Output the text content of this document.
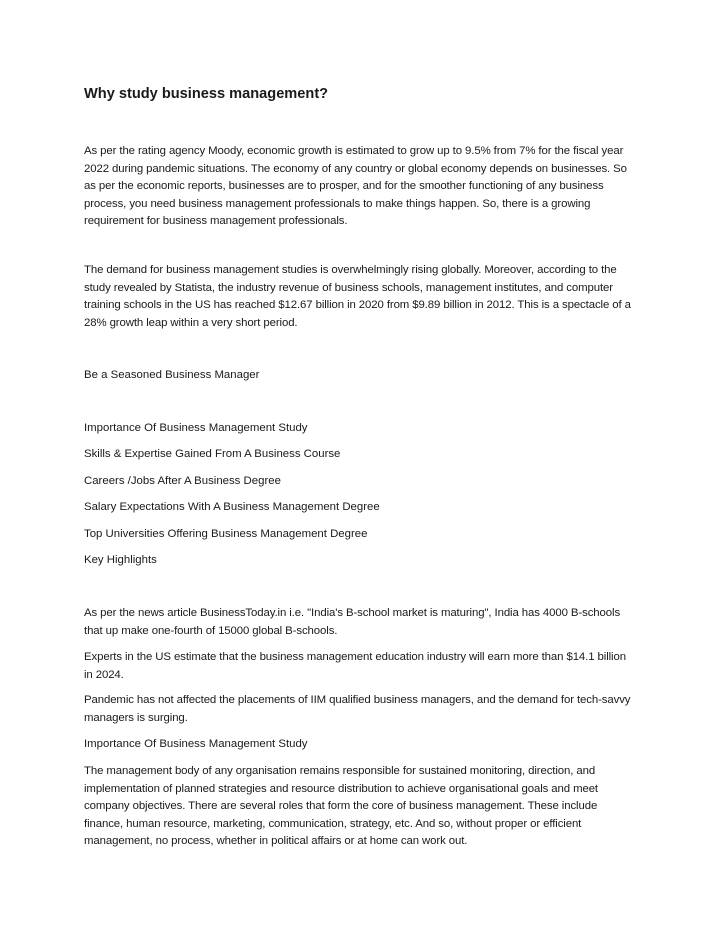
Why study business management?

As per the rating agency Moody, economic growth is estimated to grow up to 9.5% from 7% for the fiscal year 2022 during pandemic situations. The economy of any country or global economy depends on businesses. So as per the economic reports, businesses are to prosper, and for the smoother functioning of any business process, you need business management professionals to make things happen. So, there is a growing requirement for business management professionals.

The demand for business management studies is overwhelmingly rising globally. Moreover, according to the study revealed by Statista, the industry revenue of business schools, management institutes, and computer training schools in the US has reached $12.67 billion in 2020 from $9.89 billion in 2012. This is a spectacle of a 28% growth leap within a very short period.

Be a Seasoned Business Manager

Importance Of Business Management Study

Skills & Expertise Gained From A Business Course

Careers /Jobs After A Business Degree

Salary Expectations With A Business Management Degree

Top Universities Offering Business Management Degree

Key Highlights

As per the news article BusinessToday.in i.e. "India's B-school market is maturing", India has 4000 B-schools that up make one-fourth of 15000 global B-schools.

Experts in the US estimate that the business management education industry will earn more than $14.1 billion in 2024.

Pandemic has not affected the placements of IIM qualified business managers, and the demand for tech-savvy managers is surging.

Importance Of Business Management Study

The management body of any organisation remains responsible for sustained monitoring, direction, and implementation of planned strategies and resource distribution to achieve organisational goals and meet company objectives. There are several roles that form the core of business management. These include finance, human resource, marketing, communication, strategy, etc. And so, without proper or efficient management, no process, whether in political affairs or at home can work out.
